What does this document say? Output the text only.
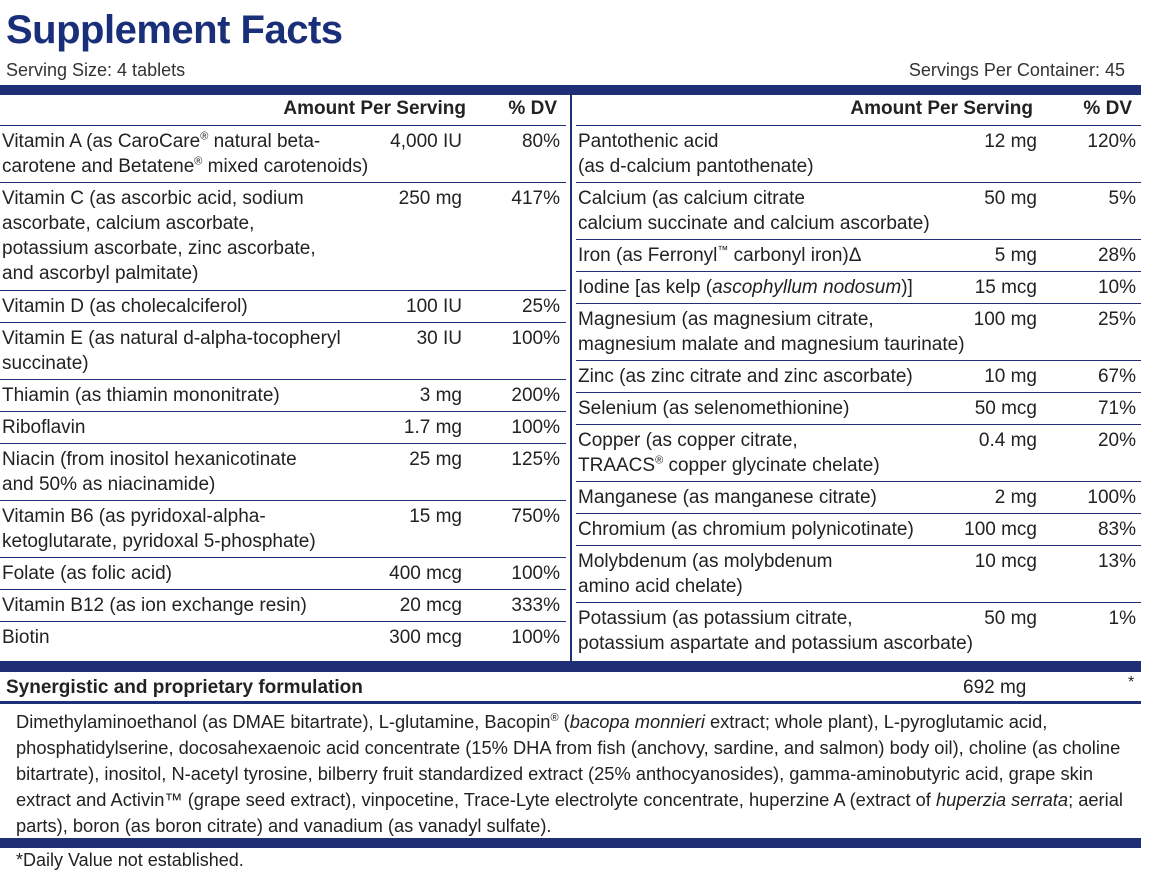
Supplement Facts
Serving Size: 4 tablets	Servings Per Container: 45
Amount Per Serving % DV
Vitamin A (as CaroCare® natural beta-
carotene and Betatene® mixed carotenoids)
4,000 IU	80%
Vitamin C (as ascorbic acid, sodium
ascorbate, calcium ascorbate,
potassium ascorbate, zinc ascorbate,
and ascorbyl palmitate)
250 mg	417%
Vitamin D (as cholecalciferol)	100 IU	25%
Vitamin E (as natural d-alpha-tocopheryl
succinate)
30 IU	100%
Thiamin (as thiamin mononitrate)	3 mg	200%
Riboflavin	1.7 mg	100%
Niacin (from inositol hexanicotinate
and 50% as niacinamide)
25 mg	125%
Vitamin B6 (as pyridoxal-alpha-
ketoglutarate, pyridoxal 5-phosphate)
15 mg	750%
Folate (as folic acid)	400 mcg	100%
Vitamin B12 (as ion exchange resin)	20 mcg	333%
Biotin	300 mcg	100%
Amount Per Serving	% DV
Pantothenic acid
(as d-calcium pantothenate)
12 mg	120%
Calcium (as calcium citrate
calcium succinate and calcium ascorbate)
50 mg	5%
Iron (as Ferronyl™ carbonyl iron)Δ	5 mg	28%
Iodine [as kelp (ascophyllum nodosum)]	15 mcg	10%
Magnesium (as magnesium citrate,
magnesium malate and magnesium taurinate)
100 mg	25%
Zinc (as zinc citrate and zinc ascorbate)	10 mg	67%
Selenium (as selenomethionine)	50 mcg	71%
Copper (as copper citrate,
TRAACS® copper glycinate chelate)
0.4 mg	20%
Manganese (as manganese citrate)	2 mg	100%
Chromium (as chromium polynicotinate)	100 mcg	83%
Molybdenum (as molybdenum
amino acid chelate)
10 mcg	13%
Potassium (as potassium citrate,
potassium aspartate and potassium ascorbate)
50 mg	1%
Synergistic and proprietary formulation	692 mg	*
Dimethylaminoethanol (as DMAE bitartrate), L-glutamine, Bacopin® (bacopa monnieri extract; whole plant), L-pyroglutamic acid, phosphatidylserine, docosahexaenoic acid concentrate (15% DHA from fish (anchovy, sardine, and salmon) body oil), choline (as choline bitartrate), inositol, N-acetyl tyrosine, bilberry fruit standardized extract (25% anthocyanosides), gamma-aminobutyric acid, grape skin extract and Activin™ (grape seed extract), vinpocetine, Trace-Lyte electrolyte concentrate, huperzine A (extract of huperzia serrata; aerial parts), boron (as boron citrate) and vanadium (as vanadyl sulfate).
*Daily Value not established.
